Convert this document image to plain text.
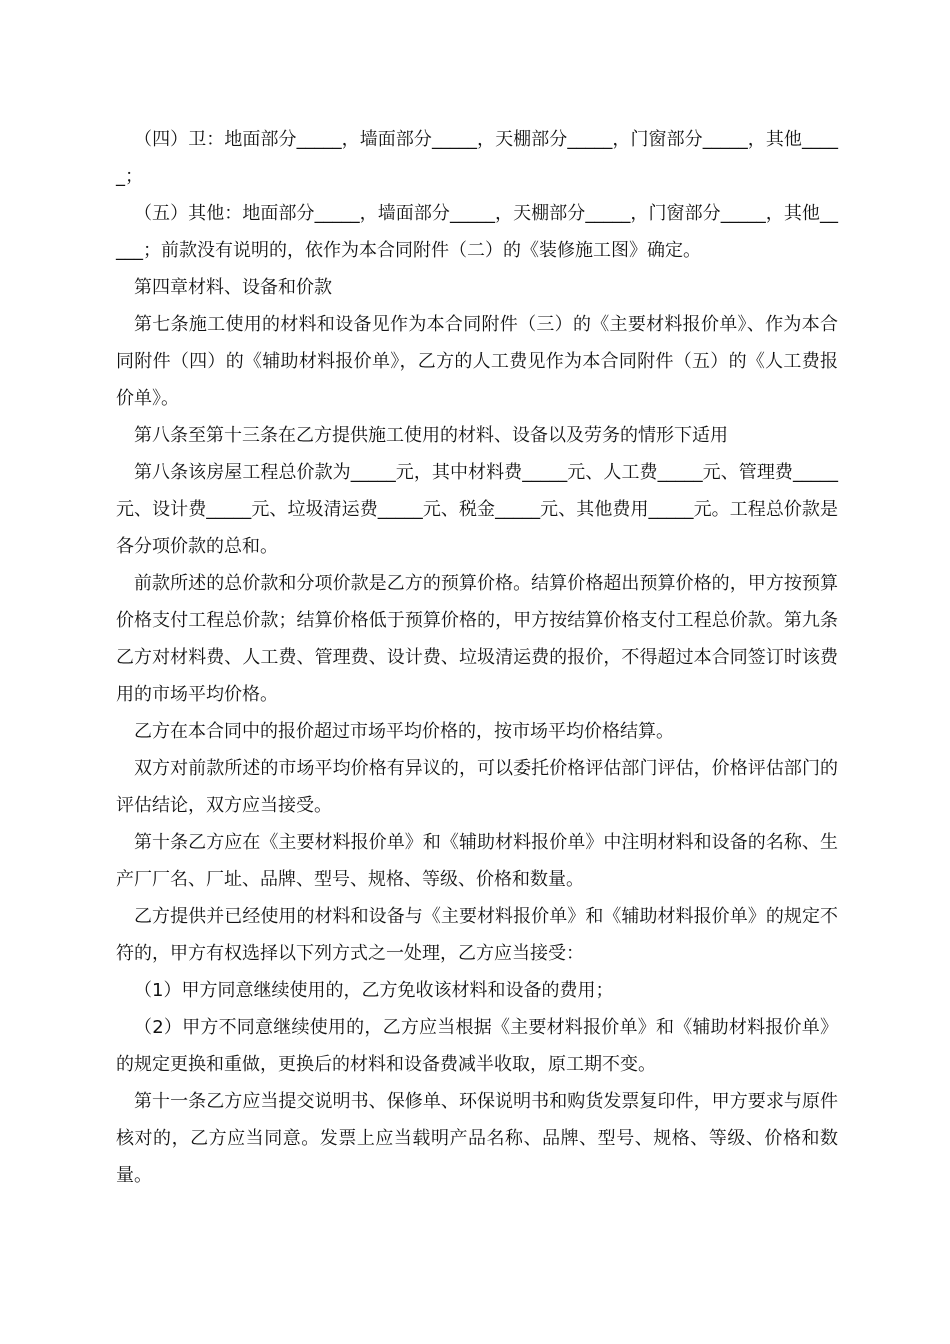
（四）卫：地面部分_____，墙面部分_____，天棚部分_____，门窗部分_____，其他_____；

（五）其他：地面部分_____，墙面部分_____，天棚部分_____，门窗部分_____，其他_____；前款没有说明的，依作为本合同附件（二）的《装修施工图》确定。

第四章材料、设备和价款

第七条施工使用的材料和设备见作为本合同附件（三）的《主要材料报价单》、作为本合同附件（四）的《辅助材料报价单》，乙方的人工费见作为本合同附件（五）的《人工费报价单》。

第八条至第十三条在乙方提供施工使用的材料、设备以及劳务的情形下适用

第八条该房屋工程总价款为_____元，其中材料费_____元、人工费_____元、管理费_____元、设计费_____元、垃圾清运费_____元、税金_____元、其他费用_____元。工程总价款是各分项价款的总和。

前款所述的总价款和分项价款是乙方的预算价格。结算价格超出预算价格的，甲方按预算价格支付工程总价款；结算价格低于预算价格的，甲方按结算价格支付工程总价款。第九条乙方对材料费、人工费、管理费、设计费、垃圾清运费的报价，不得超过本合同签订时该费用的市场平均价格。

乙方在本合同中的报价超过市场平均价格的，按市场平均价格结算。

双方对前款所述的市场平均价格有异议的，可以委托价格评估部门评估，价格评估部门的评估结论，双方应当接受。

第十条乙方应在《主要材料报价单》和《辅助材料报价单》中注明材料和设备的名称、生产厂厂名、厂址、品牌、型号、规格、等级、价格和数量。

乙方提供并已经使用的材料和设备与《主要材料报价单》和《辅助材料报价单》的规定不符的，甲方有权选择以下列方式之一处理，乙方应当接受：

（1）甲方同意继续使用的，乙方免收该材料和设备的费用；

（2）甲方不同意继续使用的，乙方应当根据《主要材料报价单》和《辅助材料报价单》的规定更换和重做，更换后的材料和设备费减半收取，原工期不变。

第十一条乙方应当提交说明书、保修单、环保说明书和购货发票复印件，甲方要求与原件核对的，乙方应当同意。发票上应当载明产品名称、品牌、型号、规格、等级、价格和数量。
